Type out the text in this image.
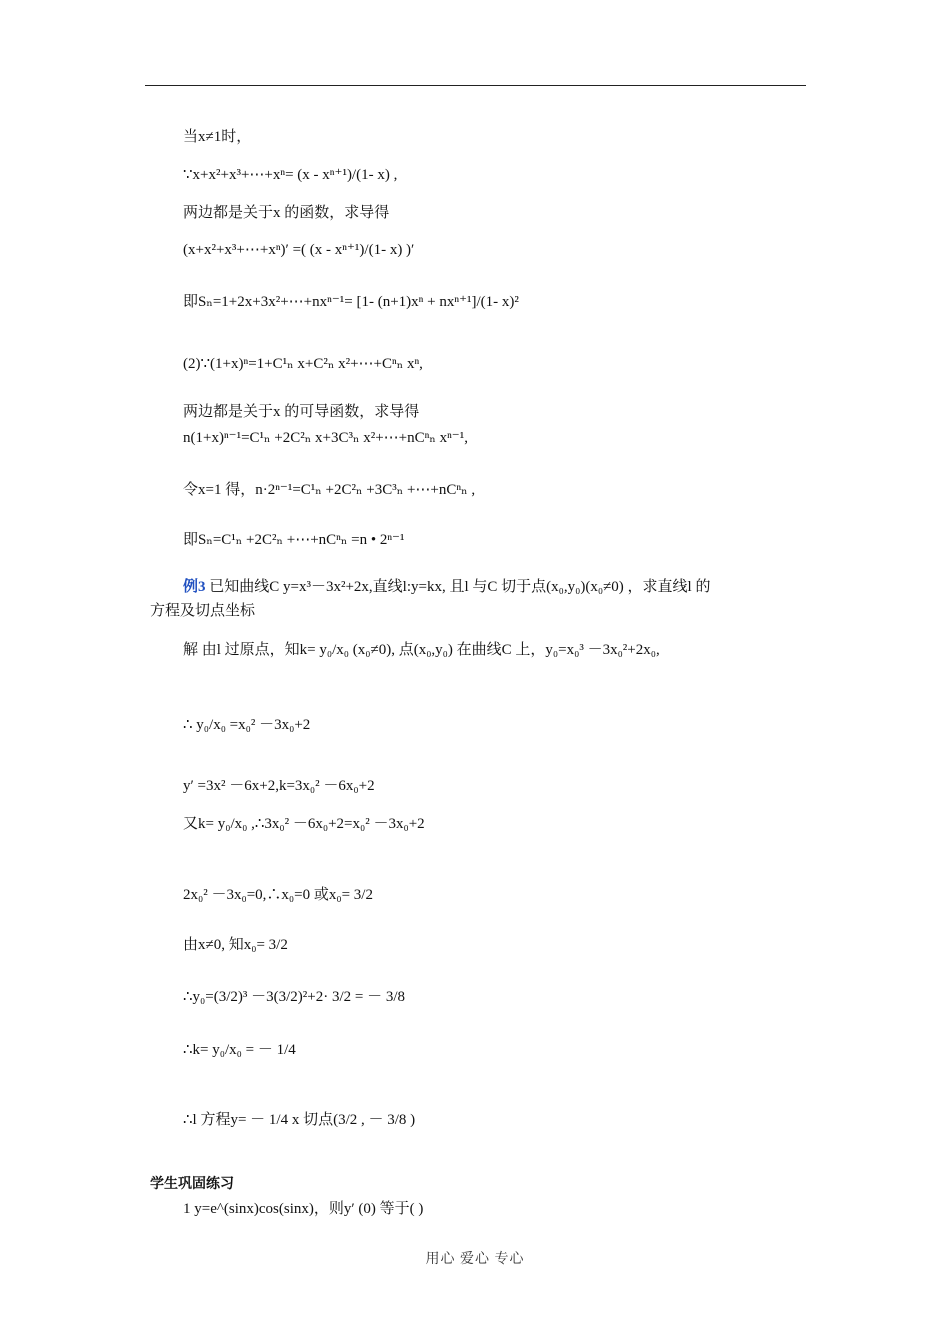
当x≠1时，
∵x+x²+x³+⋯+xⁿ= (x - xⁿ⁺¹)/(1- x) ,
两边都是关于x 的函数，求导得
(x+x²+x³+⋯+xⁿ)′ =( (x - xⁿ⁺¹)/(1- x) )′
即Sₙ=1+2x+3x²+⋯+nxⁿ⁻¹= [1- (n+1)xⁿ + nxⁿ⁺¹]/(1- x)²
(2)∵(1+x)ⁿ=1+C¹ₙ x+C²ₙ x²+⋯+Cⁿₙ xⁿ,
两边都是关于x 的可导函数，求导得
n(1+x)ⁿ⁻¹=C¹ₙ +2C²ₙ x+3C³ₙ x²+⋯+nCⁿₙ xⁿ⁻¹,
令x=1 得，n·2ⁿ⁻¹=C¹ₙ +2C²ₙ +3C³ₙ +⋯+nCⁿₙ ,
即Sₙ=C¹ₙ +2C²ₙ +⋯+nCⁿₙ =n • 2ⁿ⁻¹
例3 已知曲线C y=x³－3x²+2x,直线l:y=kx, 且l 与C 切于点(x₀,y₀)(x₀≠0) ，求直线l 的
方程及切点坐标
解 由l 过原点，知k= y₀/x₀ (x₀≠0), 点(x₀,y₀) 在曲线C 上，y₀=x₀³ －3x₀²+2x₀,
∴ y₀/x₀ =x₀² －3x₀+2
y′ =3x² －6x+2,k=3x₀² －6x₀+2
又k= y₀/x₀ ,∴3x₀² －6x₀+2=x₀² －3x₀+2
2x₀² －3x₀=0,∴x₀=0 或x₀= 3/2
由x≠0, 知x₀= 3/2
∴y₀=(3/2)³ －3(3/2)²+2· 3/2 = － 3/8
∴k= y₀/x₀ = － 1/4
∴l 方程y= － 1/4 x 切点(3/2 , － 3/8 )
学生巩固练习
1 y=e^(sinx)cos(sinx)，则y′ (0) 等于( )
用心 爱心 专心
